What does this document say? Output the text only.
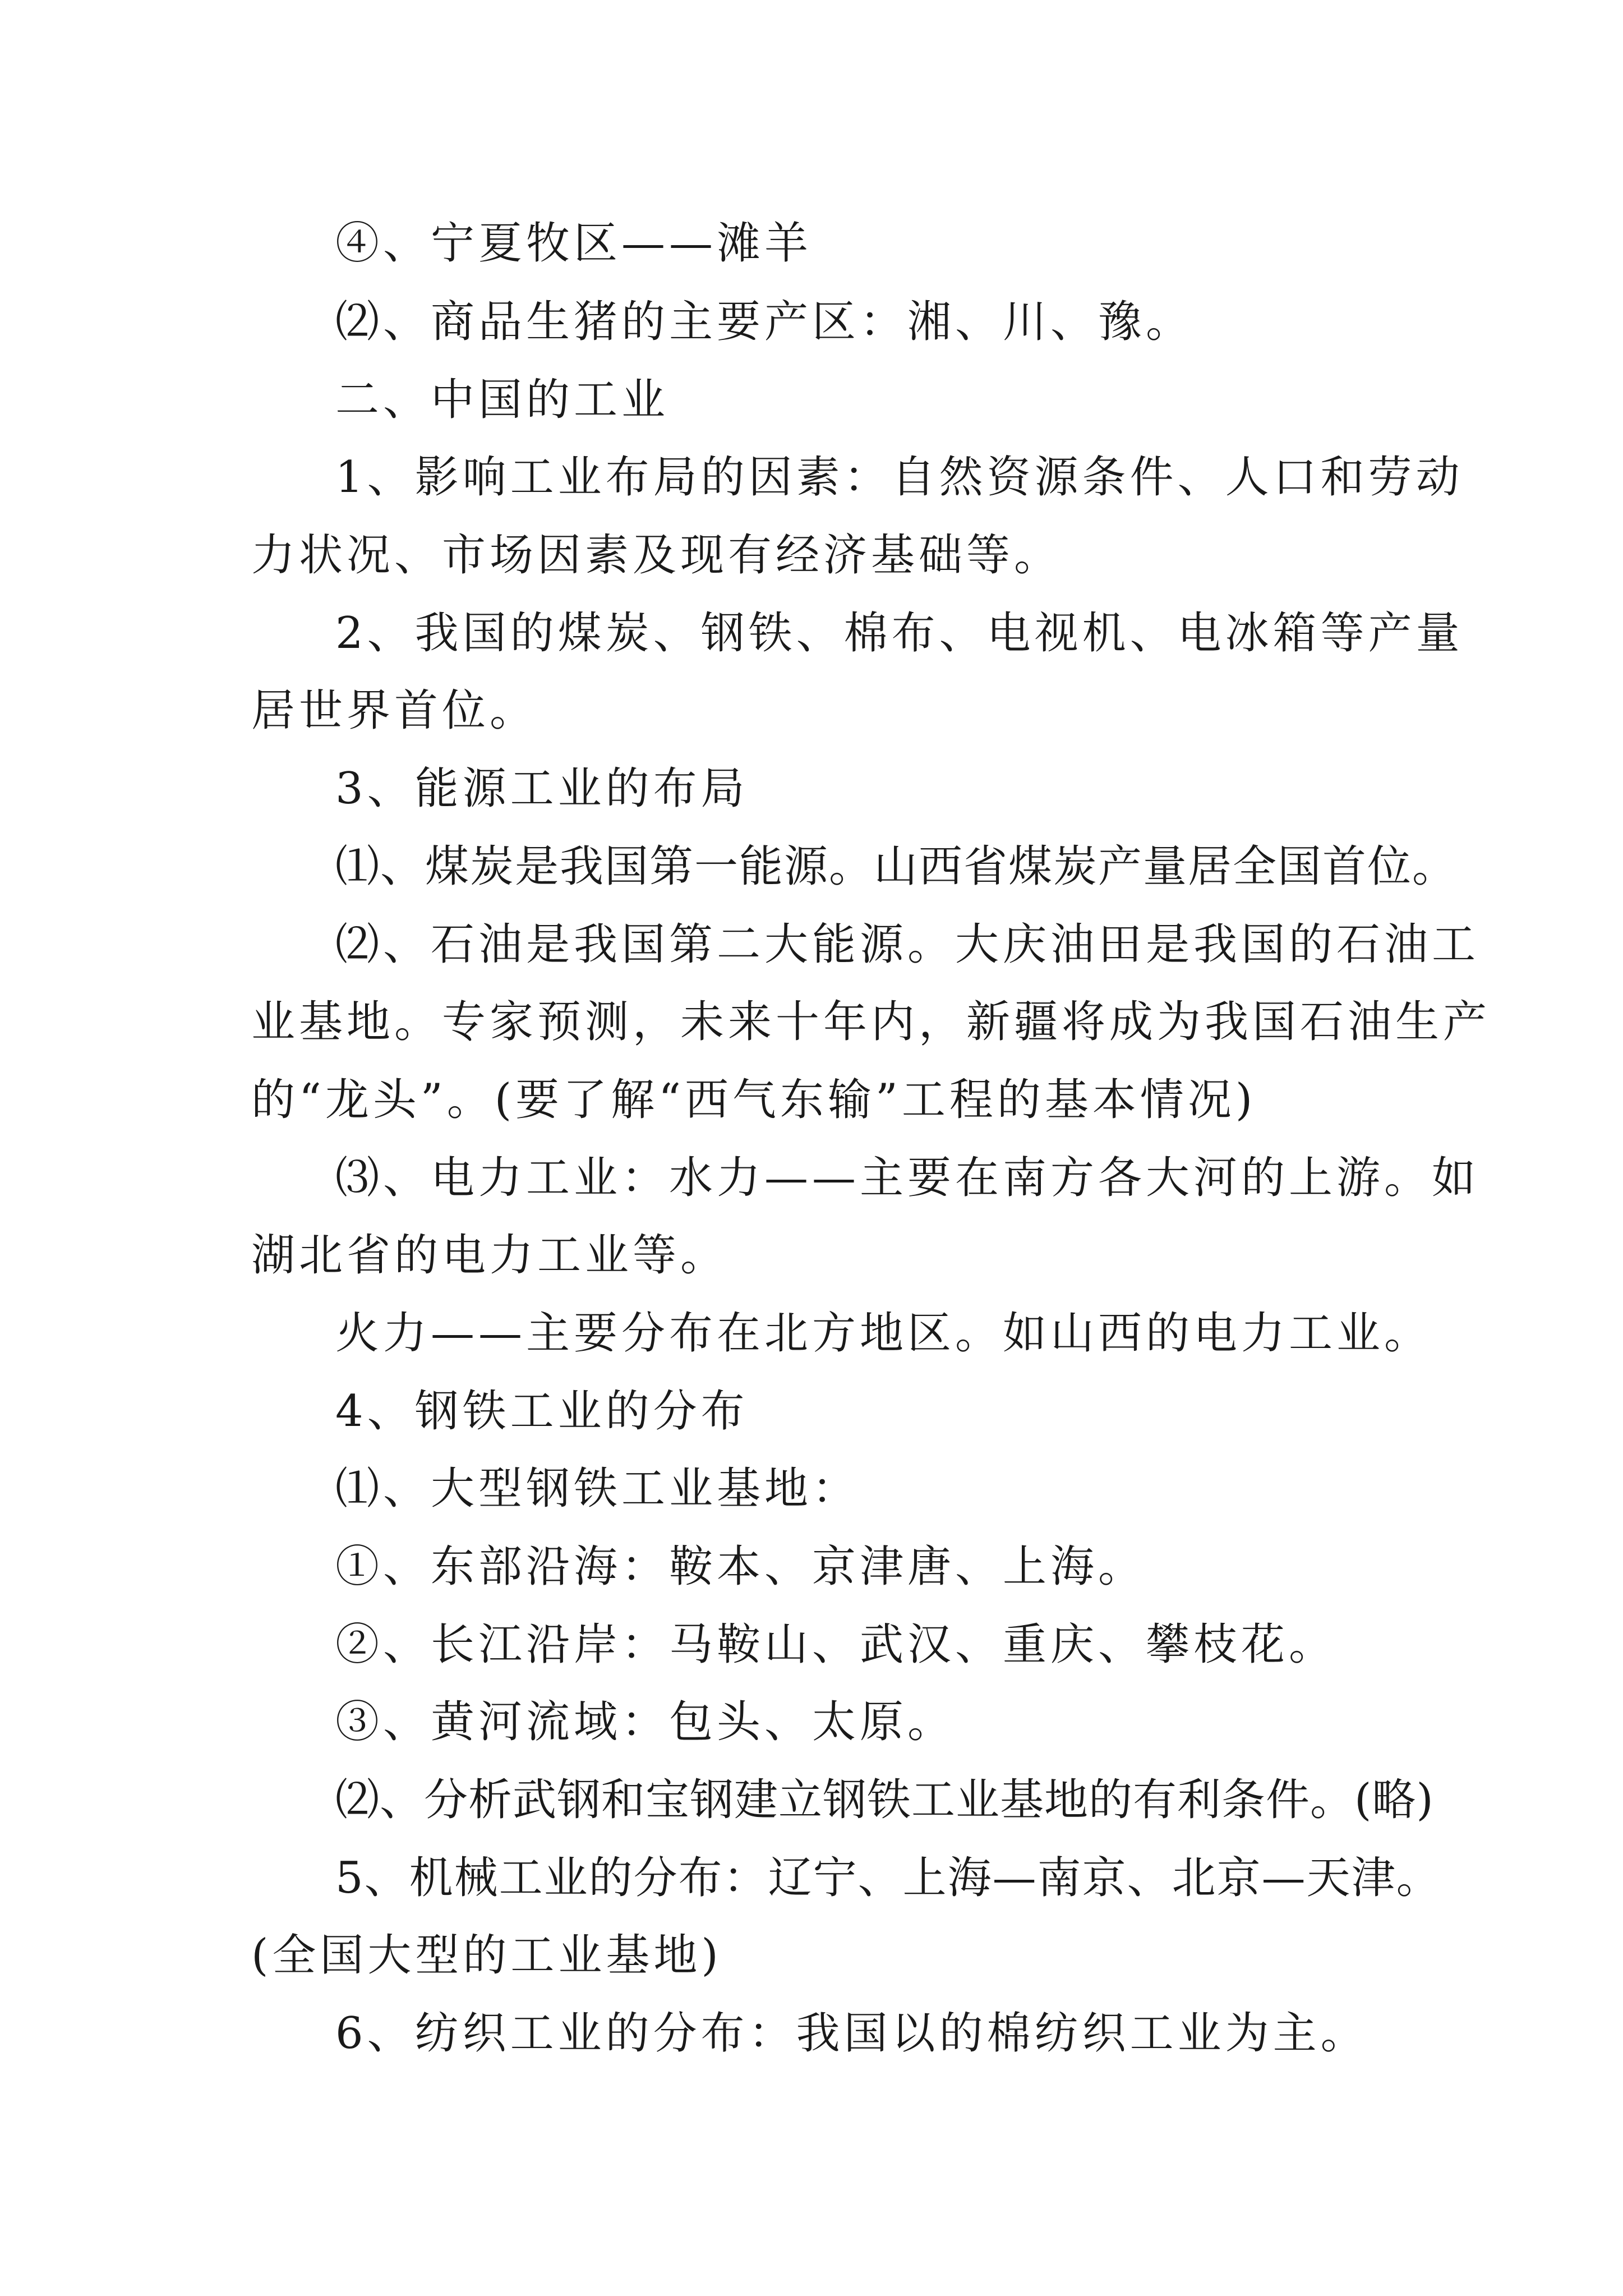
④、宁夏牧区——滩羊
⑵、商品生猪的主要产区：湘、川、豫。
二、中国的工业
1、影响工业布局的因素：自然资源条件、人口和劳动
力状况、市场因素及现有经济基础等。
2、我国的煤炭、钢铁、棉布、电视机、电冰箱等产量
居世界首位。
3、能源工业的布局
⑴、煤炭是我国第一能源。山西省煤炭产量居全国首位。
⑵、石油是我国第二大能源。大庆油田是我国的石油工
业基地。专家预测，未来十年内，新疆将成为我国石油生产
的“龙头”。(要了解“西气东输”工程的基本情况)
⑶、电力工业：水力——主要在南方各大河的上游。如
湖北省的电力工业等。
火力——主要分布在北方地区。如山西的电力工业。
4、钢铁工业的分布
⑴、大型钢铁工业基地：
①、东部沿海：鞍本、京津唐、上海。
②、长江沿岸：马鞍山、武汉、重庆、攀枝花。
③、黄河流域：包头、太原。
⑵、分析武钢和宝钢建立钢铁工业基地的有利条件。(略)
5、机械工业的分布：辽宁、上海—南京、北京—天津。
(全国大型的工业基地)
6、纺织工业的分布：我国以的棉纺织工业为主。
